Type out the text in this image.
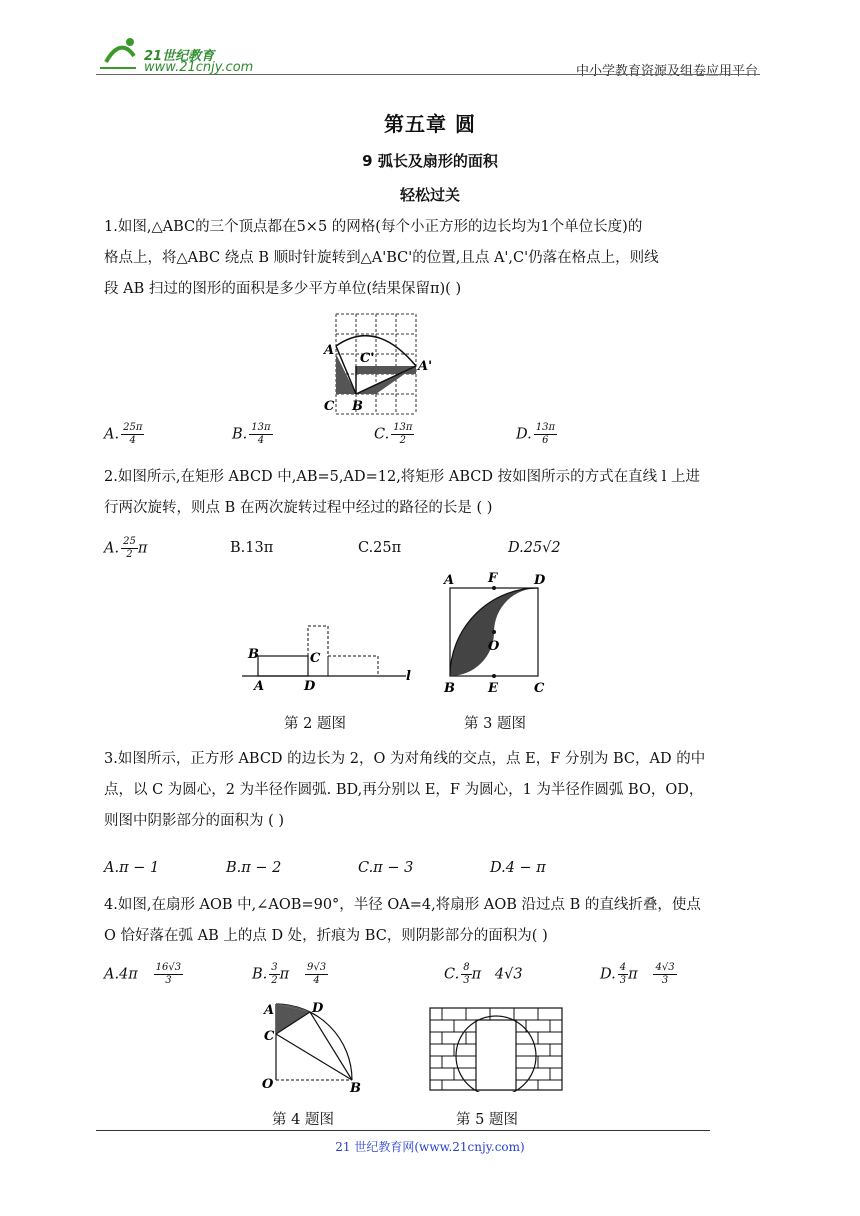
21世纪教育
www.21cnjy.com	中小学教育资源及组卷应用平台
第五章 圆
9 弧长及扇形的面积
轻松过关
1.如图,△ABC的三个顶点都在5×5 的网格(每个小正方形的边长均为1个单位长度)的
格点上，将△ABC 绕点 B 顺时针旋转到△A'BC'的位置,且点 A',C'仍落在格点上，则线
段 AB 扫过的图形的面积是多少平方单位(结果保留π)( )
A
C'
A'
C B
A. $\frac{25\pi}{4}$	B. $\frac{13\pi}{4}$	C. $\frac{13\pi}{2}$	D. $\frac{13\pi}{6}$
2.如图所示,在矩形 ABCD 中,AB=5,AD=12,将矩形 ABCD 按如图所示的方式在直线 l 上进
行两次旋转，则点 B 在两次旋转过程中经过的路径的长是 ( )
A. $\frac{25}{2}$ π	B.13π	C.25π	D.25√2
B	C
A	D
l
A	F	D
O
B	E	C
第 2 题图	第 3 题图
3.如图所示，正方形 ABCD 的边长为 2，O 为对角线的交点，点 E，F 分别为 BC，AD 的中
点，以 C 为圆心，2 为半径作圆弧. BD,再分别以 E，F 为圆心，1 为半径作圆弧 BO，OD，
则图中阴影部分的面积为 ( )
A.π − 1	B.π − 2	C.π − 3	D.4 − π
4.如图,在扇形 AOB 中,∠AOB=90°，半径 OA=4,将扇形 AOB 沿过点 B 的直线折叠，使点
O 恰好落在弧 AB 上的点 D 处，折痕为 BC，则阴影部分的面积为( )
$A.4\pi \frac{16√3}{3}$	B. $\frac{3}{2}$ π $\frac{9√3}{4}$	C. $\frac{8}{3}$ π 4√3	D. $\frac{4}{3}$ π $\frac{4√3}{3}$
A	D
C
O	B
第 4 题图	第 5 题图
21 世纪教育网(www.21cnjy.com)
